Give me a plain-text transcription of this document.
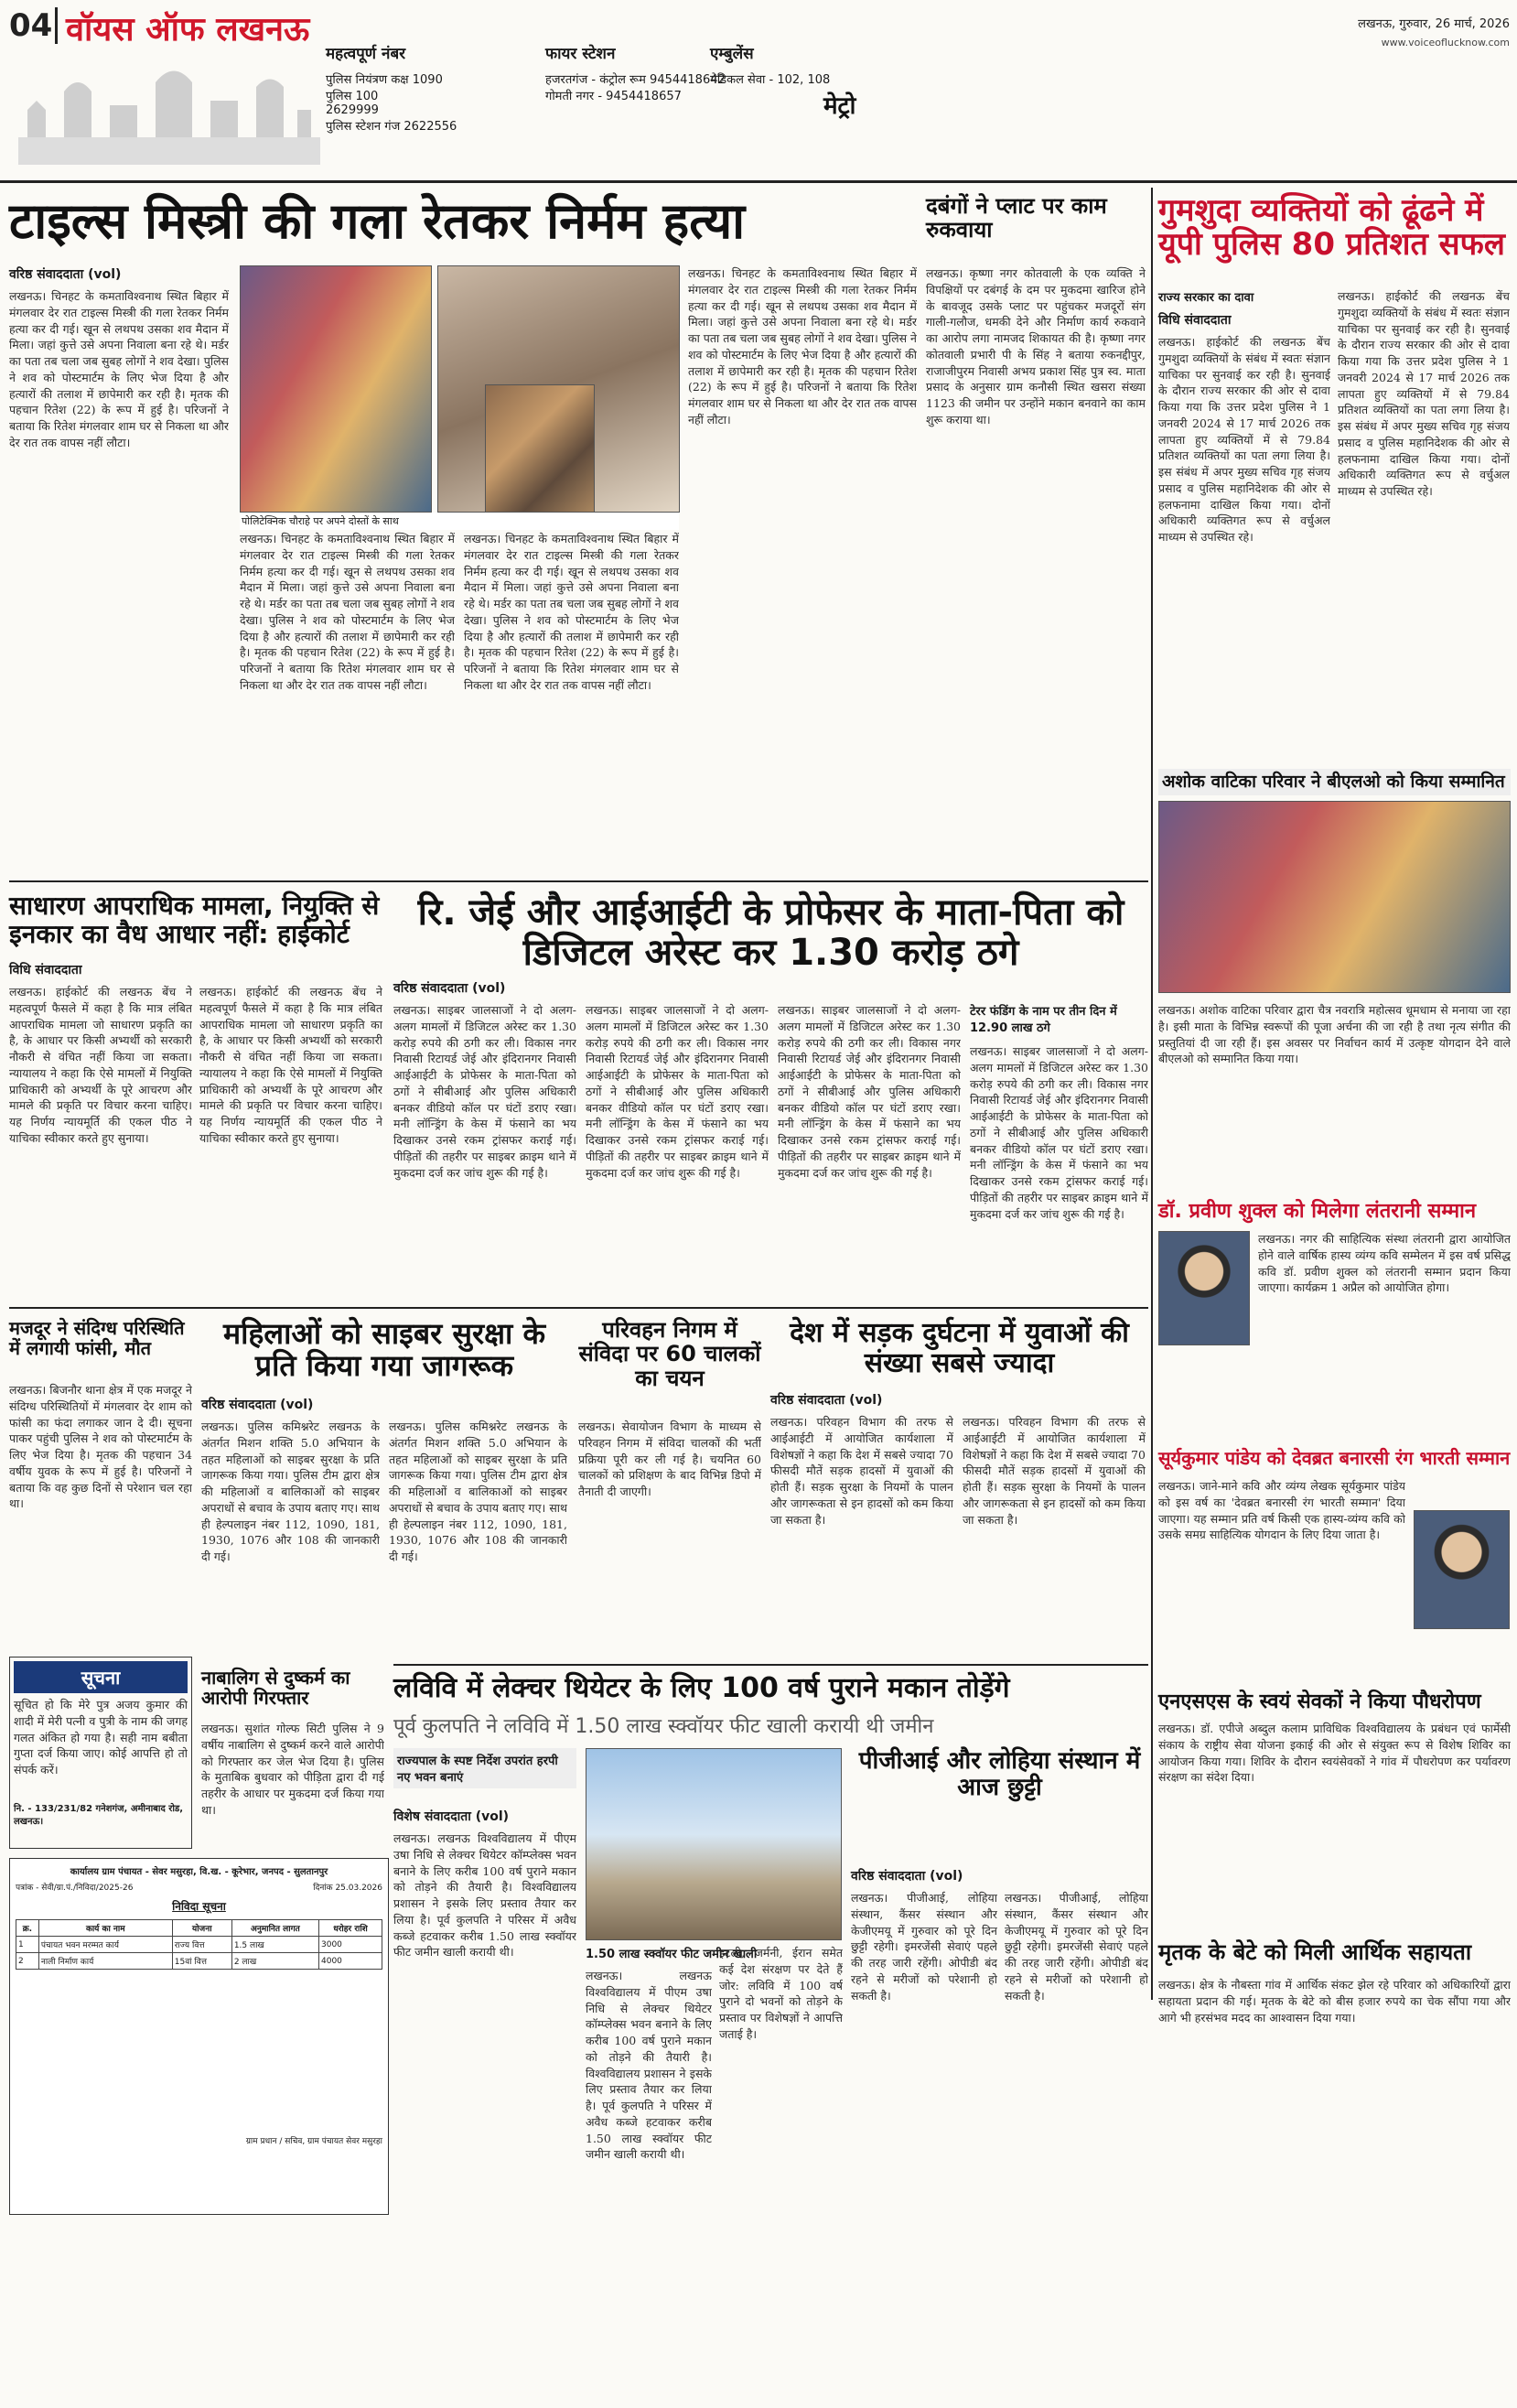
04 वॉयस ऑफ लखनऊ
महत्वपूर्ण नंबर
पुलिस नियंत्रण कक्ष 1090
पुलिस 100
2629999
पुलिस स्टेशन गंज 2622556
फायर स्टेशन
हजरतगंज - कंट्रोल रूम 9454418642
गोमती नगर - 9454418657
एम्बुलेंस
मेडिकल सेवा - 102, 108
मेट्रो
लखनऊ, गुरुवार, 26 मार्च, 2026
www.voiceoflucknow.com
टाइल्स मिस्त्री की गला रेतकर निर्मम हत्या
वरिष्ठ संवाददाता (vol)
लखनऊ। चिनहट के कमताविश्वनाथ स्थित बिहार में मंगलवार देर रात टाइल्स मिस्त्री की गला रेतकर निर्मम हत्या कर दी गई। खून से लथपथ उसका शव मैदान में मिला। जहां कुत्ते उसे अपना निवाला बना रहे थे। मर्डर का पता तब चला जब सुबह लोगों ने शव देखा। पुलिस ने शव को पोस्टमार्टम के लिए भेज दिया है और हत्यारों की तलाश में छापेमारी कर रही है। मृतक की पहचान रितेश (22) के रूप में हुई है। परिजनों ने बताया कि रितेश मंगलवार शाम घर से निकला था और देर रात तक वापस नहीं लौटा।
पोलिटेक्निक चौराहे पर अपने दोस्तों के साथ
लखनऊ। चिनहट के कमताविश्वनाथ स्थित बिहार में मंगलवार देर रात टाइल्स मिस्त्री की गला रेतकर निर्मम हत्या कर दी गई। खून से लथपथ उसका शव मैदान में मिला। जहां कुत्ते उसे अपना निवाला बना रहे थे। मर्डर का पता तब चला जब सुबह लोगों ने शव देखा। पुलिस ने शव को पोस्टमार्टम के लिए भेज दिया है और हत्यारों की तलाश में छापेमारी कर रही है। मृतक की पहचान रितेश (22) के रूप में हुई है। परिजनों ने बताया कि रितेश मंगलवार शाम घर से निकला था और देर रात तक वापस नहीं लौटा।
लखनऊ। चिनहट के कमताविश्वनाथ स्थित बिहार में मंगलवार देर रात टाइल्स मिस्त्री की गला रेतकर निर्मम हत्या कर दी गई। खून से लथपथ उसका शव मैदान में मिला। जहां कुत्ते उसे अपना निवाला बना रहे थे। मर्डर का पता तब चला जब सुबह लोगों ने शव देखा। पुलिस ने शव को पोस्टमार्टम के लिए भेज दिया है और हत्यारों की तलाश में छापेमारी कर रही है। मृतक की पहचान रितेश (22) के रूप में हुई है। परिजनों ने बताया कि रितेश मंगलवार शाम घर से निकला था और देर रात तक वापस नहीं लौटा।
लखनऊ। चिनहट के कमताविश्वनाथ स्थित बिहार में मंगलवार देर रात टाइल्स मिस्त्री की गला रेतकर निर्मम हत्या कर दी गई। खून से लथपथ उसका शव मैदान में मिला। जहां कुत्ते उसे अपना निवाला बना रहे थे। मर्डर का पता तब चला जब सुबह लोगों ने शव देखा। पुलिस ने शव को पोस्टमार्टम के लिए भेज दिया है और हत्यारों की तलाश में छापेमारी कर रही है। मृतक की पहचान रितेश (22) के रूप में हुई है। परिजनों ने बताया कि रितेश मंगलवार शाम घर से निकला था और देर रात तक वापस नहीं लौटा।
दबंगों ने प्लाट पर काम रुकवाया
लखनऊ। कृष्णा नगर कोतवाली के एक व्यक्ति ने विपक्षियों पर दबंगई के दम पर मुकदमा खारिज होने के बावजूद उसके प्लाट पर पहुंचकर मजदूरों संग गाली-गलौज, धमकी देने और निर्माण कार्य रुकवाने का आरोप लगा नामजद शिकायत की है। कृष्णा नगर कोतवाली प्रभारी पी के सिंह ने बताया रुकनद्दीपुर, राजाजीपुरम निवासी अभय प्रकाश सिंह पुत्र स्व. माता प्रसाद के अनुसार ग्राम कनौसी स्थित खसरा संख्या 1123 की जमीन पर उन्होंने मकान बनवाने का काम शुरू कराया था।
गुमशुदा व्यक्तियों को ढूंढने में यूपी पुलिस 80 प्रतिशत सफल
राज्य सरकार का दावा
विधि संवाददाता
लखनऊ। हाईकोर्ट की लखनऊ बेंच गुमशुदा व्यक्तियों के संबंध में स्वतः संज्ञान याचिका पर सुनवाई कर रही है। सुनवाई के दौरान राज्य सरकार की ओर से दावा किया गया कि उत्तर प्रदेश पुलिस ने 1 जनवरी 2024 से 17 मार्च 2026 तक लापता हुए व्यक्तियों में से 79.84 प्रतिशत व्यक्तियों का पता लगा लिया है। इस संबंध में अपर मुख्य सचिव गृह संजय प्रसाद व पुलिस महानिदेशक की ओर से हलफनामा दाखिल किया गया। दोनों अधिकारी व्यक्तिगत रूप से वर्चुअल माध्यम से उपस्थित रहे।
लखनऊ। हाईकोर्ट की लखनऊ बेंच गुमशुदा व्यक्तियों के संबंध में स्वतः संज्ञान याचिका पर सुनवाई कर रही है। सुनवाई के दौरान राज्य सरकार की ओर से दावा किया गया कि उत्तर प्रदेश पुलिस ने 1 जनवरी 2024 से 17 मार्च 2026 तक लापता हुए व्यक्तियों में से 79.84 प्रतिशत व्यक्तियों का पता लगा लिया है। इस संबंध में अपर मुख्य सचिव गृह संजय प्रसाद व पुलिस महानिदेशक की ओर से हलफनामा दाखिल किया गया। दोनों अधिकारी व्यक्तिगत रूप से वर्चुअल माध्यम से उपस्थित रहे।
साधारण आपराधिक मामला, नियुक्ति से इनकार का वैध आधार नहीं: हाईकोर्ट
विधि संवाददाता
लखनऊ। हाईकोर्ट की लखनऊ बेंच ने महत्वपूर्ण फैसले में कहा है कि मात्र लंबित आपराधिक मामला जो साधारण प्रकृति का है, के आधार पर किसी अभ्यर्थी को सरकारी नौकरी से वंचित नहीं किया जा सकता। न्यायालय ने कहा कि ऐसे मामलों में नियुक्ति प्राधिकारी को अभ्यर्थी के पूरे आचरण और मामले की प्रकृति पर विचार करना चाहिए। यह निर्णय न्यायमूर्ति की एकल पीठ ने याचिका स्वीकार करते हुए सुनाया।
लखनऊ। हाईकोर्ट की लखनऊ बेंच ने महत्वपूर्ण फैसले में कहा है कि मात्र लंबित आपराधिक मामला जो साधारण प्रकृति का है, के आधार पर किसी अभ्यर्थी को सरकारी नौकरी से वंचित नहीं किया जा सकता। न्यायालय ने कहा कि ऐसे मामलों में नियुक्ति प्राधिकारी को अभ्यर्थी के पूरे आचरण और मामले की प्रकृति पर विचार करना चाहिए। यह निर्णय न्यायमूर्ति की एकल पीठ ने याचिका स्वीकार करते हुए सुनाया।
रि. जेई और आईआईटी के प्रोफेसर के माता-पिता को डिजिटल अरेस्ट कर 1.30 करोड़ ठगे
वरिष्ठ संवाददाता (vol)
लखनऊ। साइबर जालसाजों ने दो अलग-अलग मामलों में डिजिटल अरेस्ट कर 1.30 करोड़ रुपये की ठगी कर ली। विकास नगर निवासी रिटायर्ड जेई और इंदिरानगर निवासी आईआईटी के प्रोफेसर के माता-पिता को ठगों ने सीबीआई और पुलिस अधिकारी बनकर वीडियो कॉल पर घंटों डराए रखा। मनी लॉन्ड्रिंग के केस में फंसाने का भय दिखाकर उनसे रकम ट्रांसफर कराई गई। पीड़ितों की तहरीर पर साइबर क्राइम थाने में मुकदमा दर्ज कर जांच शुरू की गई है।
लखनऊ। साइबर जालसाजों ने दो अलग-अलग मामलों में डिजिटल अरेस्ट कर 1.30 करोड़ रुपये की ठगी कर ली। विकास नगर निवासी रिटायर्ड जेई और इंदिरानगर निवासी आईआईटी के प्रोफेसर के माता-पिता को ठगों ने सीबीआई और पुलिस अधिकारी बनकर वीडियो कॉल पर घंटों डराए रखा। मनी लॉन्ड्रिंग के केस में फंसाने का भय दिखाकर उनसे रकम ट्रांसफर कराई गई। पीड़ितों की तहरीर पर साइबर क्राइम थाने में मुकदमा दर्ज कर जांच शुरू की गई है।
लखनऊ। साइबर जालसाजों ने दो अलग-अलग मामलों में डिजिटल अरेस्ट कर 1.30 करोड़ रुपये की ठगी कर ली। विकास नगर निवासी रिटायर्ड जेई और इंदिरानगर निवासी आईआईटी के प्रोफेसर के माता-पिता को ठगों ने सीबीआई और पुलिस अधिकारी बनकर वीडियो कॉल पर घंटों डराए रखा। मनी लॉन्ड्रिंग के केस में फंसाने का भय दिखाकर उनसे रकम ट्रांसफर कराई गई। पीड़ितों की तहरीर पर साइबर क्राइम थाने में मुकदमा दर्ज कर जांच शुरू की गई है।
टेरर फंडिंग के नाम पर तीन दिन में 12.90 लाख ठगे
लखनऊ। साइबर जालसाजों ने दो अलग-अलग मामलों में डिजिटल अरेस्ट कर 1.30 करोड़ रुपये की ठगी कर ली। विकास नगर निवासी रिटायर्ड जेई और इंदिरानगर निवासी आईआईटी के प्रोफेसर के माता-पिता को ठगों ने सीबीआई और पुलिस अधिकारी बनकर वीडियो कॉल पर घंटों डराए रखा। मनी लॉन्ड्रिंग के केस में फंसाने का भय दिखाकर उनसे रकम ट्रांसफर कराई गई। पीड़ितों की तहरीर पर साइबर क्राइम थाने में मुकदमा दर्ज कर जांच शुरू की गई है।
अशोक वाटिका परिवार ने बीएलओ को किया सम्मानित
लखनऊ। अशोक वाटिका परिवार द्वारा चैत्र नवरात्रि महोत्सव धूमधाम से मनाया जा रहा है। इसी माता के विभिन्न स्वरूपों की पूजा अर्चना की जा रही है तथा नृत्य संगीत की प्रस्तुतियां दी जा रही हैं। इस अवसर पर निर्वाचन कार्य में उत्कृष्ट योगदान देने वाले बीएलओ को सम्मानित किया गया।
डॉ. प्रवीण शुक्ल को मिलेगा लंतरानी सम्मान
लखनऊ। नगर की साहित्यिक संस्था लंतरानी द्वारा आयोजित होने वाले वार्षिक हास्य व्यंग्य कवि सम्मेलन में इस वर्ष प्रसिद्ध कवि डॉ. प्रवीण शुक्ल को लंतरानी सम्मान प्रदान किया जाएगा। कार्यक्रम 1 अप्रैल को आयोजित होगा।
सूर्यकुमार पांडेय को देवब्रत बनारसी रंग भारती सम्मान
लखनऊ। जाने-माने कवि और व्यंग्य लेखक सूर्यकुमार पांडेय को इस वर्ष का 'देवब्रत बनारसी रंग भारती सम्मान' दिया जाएगा। यह सम्मान प्रति वर्ष किसी एक हास्य-व्यंग्य कवि को उसके समग्र साहित्यिक योगदान के लिए दिया जाता है।
एनएसएस के स्वयं सेवकों ने किया पौधरोपण
लखनऊ। डॉ. एपीजे अब्दुल कलाम प्राविधिक विश्वविद्यालय के प्रबंधन एवं फार्मेसी संकाय के राष्ट्रीय सेवा योजना इकाई की ओर से संयुक्त रूप से विशेष शिविर का आयोजन किया गया। शिविर के दौरान स्वयंसेवकों ने गांव में पौधरोपण कर पर्यावरण संरक्षण का संदेश दिया।
मृतक के बेटे को मिली आर्थिक सहायता
लखनऊ। क्षेत्र के नौबस्ता गांव में आर्थिक संकट झेल रहे परिवार को अधिकारियों द्वारा सहायता प्रदान की गई। मृतक के बेटे को बीस हजार रुपये का चेक सौंपा गया और आगे भी हरसंभव मदद का आश्वासन दिया गया।
मजदूर ने संदिग्ध परिस्थिति में लगायी फांसी, मौत
लखनऊ। बिजनौर थाना क्षेत्र में एक मजदूर ने संदिग्ध परिस्थितियों में मंगलवार देर शाम को फांसी का फंदा लगाकर जान दे दी। सूचना पाकर पहुंची पुलिस ने शव को पोस्टमार्टम के लिए भेज दिया है। मृतक की पहचान 34 वर्षीय युवक के रूप में हुई है। परिजनों ने बताया कि वह कुछ दिनों से परेशान चल रहा था।
सूचना
सूचित हो कि मेरे पुत्र अजय कुमार की शादी में मेरी पत्नी व पुत्री के नाम की जगह गलत अंकित हो गया है। सही नाम बबीता गुप्ता दर्ज किया जाए। कोई आपत्ति हो तो संपर्क करें।
नि. - 133/231/82 गनेशगंज, अमीनाबाद रोड, लखनऊ।
कार्यालय ग्राम पंचायत - सेवर मसुरहा, वि.ख. - कूरेभार, जनपद - सुलतानपुर
पत्रांक - सेवी/ग्रा.पं./निविदा/2025-26	दिनांक 25.03.2026
निविदा सूचना
क्र.	कार्य का नाम	योजना	अनुमानित लागत	धरोहर राशि
1	पंचायत भवन मरम्मत कार्य	राज्य वित्त	1.5 लाख	3000
2	नाली निर्माण कार्य	15वां वित्त	2 लाख	4000
ग्राम प्रधान / सचिव, ग्राम पंचायत सेवर मसुरहा
महिलाओं को साइबर सुरक्षा के प्रति किया गया जागरूक
वरिष्ठ संवाददाता (vol)
लखनऊ। पुलिस कमिश्नरेट लखनऊ के अंतर्गत मिशन शक्ति 5.0 अभियान के तहत महिलाओं को साइबर सुरक्षा के प्रति जागरूक किया गया। पुलिस टीम द्वारा क्षेत्र की महिलाओं व बालिकाओं को साइबर अपराधों से बचाव के उपाय बताए गए। साथ ही हेल्पलाइन नंबर 112, 1090, 181, 1930, 1076 और 108 की जानकारी दी गई।
लखनऊ। पुलिस कमिश्नरेट लखनऊ के अंतर्गत मिशन शक्ति 5.0 अभियान के तहत महिलाओं को साइबर सुरक्षा के प्रति जागरूक किया गया। पुलिस टीम द्वारा क्षेत्र की महिलाओं व बालिकाओं को साइबर अपराधों से बचाव के उपाय बताए गए। साथ ही हेल्पलाइन नंबर 112, 1090, 181, 1930, 1076 और 108 की जानकारी दी गई।
नाबालिग से दुष्कर्म का आरोपी गिरफ्तार
लखनऊ। सुशांत गोल्फ सिटी पुलिस ने 9 वर्षीय नाबालिग से दुष्कर्म करने वाले आरोपी को गिरफ्तार कर जेल भेज दिया है। पुलिस के मुताबिक बुधवार को पीड़िता द्वारा दी गई तहरीर के आधार पर मुकदमा दर्ज किया गया था।
परिवहन निगम में संविदा पर 60 चालकों का चयन
लखनऊ। सेवायोजन विभाग के माध्यम से परिवहन निगम में संविदा चालकों की भर्ती प्रक्रिया पूरी कर ली गई है। चयनित 60 चालकों को प्रशिक्षण के बाद विभिन्न डिपो में तैनाती दी जाएगी।
देश में सड़क दुर्घटना में युवाओं की संख्या सबसे ज्यादा
वरिष्ठ संवाददाता (vol)
लखनऊ। परिवहन विभाग की तरफ से आईआईटी में आयोजित कार्यशाला में विशेषज्ञों ने कहा कि देश में सबसे ज्यादा 70 फीसदी मौतें सड़क हादसों में युवाओं की होती हैं। सड़क सुरक्षा के नियमों के पालन और जागरूकता से इन हादसों को कम किया जा सकता है।
लखनऊ। परिवहन विभाग की तरफ से आईआईटी में आयोजित कार्यशाला में विशेषज्ञों ने कहा कि देश में सबसे ज्यादा 70 फीसदी मौतें सड़क हादसों में युवाओं की होती हैं। सड़क सुरक्षा के नियमों के पालन और जागरूकता से इन हादसों को कम किया जा सकता है।
लविवि में लेक्चर थियेटर के लिए 100 वर्ष पुराने मकान तोड़ेंगे
पूर्व कुलपति ने लविवि में 1.50 लाख स्क्वॉयर फीट खाली करायी थी जमीन
राज्यपाल के स्पष्ट निर्देश उपरांत हरपी नए भवन बनाएं
विशेष संवाददाता (vol)
लखनऊ। लखनऊ विश्वविद्यालय में पीएम उषा निधि से लेक्चर थियेटर कॉम्प्लेक्स भवन बनाने के लिए करीब 100 वर्ष पुराने मकान को तोड़ने की तैयारी है। विश्वविद्यालय प्रशासन ने इसके लिए प्रस्ताव तैयार कर लिया है। पूर्व कुलपति ने परिसर में अवैध कब्जे हटवाकर करीब 1.50 लाख स्क्वॉयर फीट जमीन खाली करायी थी।	1.50 लाख स्क्वॉयर फीट जमीन खाली
लखनऊ। लखनऊ विश्वविद्यालय में पीएम उषा निधि से लेक्चर थियेटर कॉम्प्लेक्स भवन बनाने के लिए करीब 100 वर्ष पुराने मकान को तोड़ने की तैयारी है। विश्वविद्यालय प्रशासन ने इसके लिए प्रस्ताव तैयार कर लिया है। पूर्व कुलपति ने परिसर में अवैध कब्जे हटवाकर करीब 1.50 लाख स्क्वॉयर फीट जमीन खाली करायी थी।
इटली, जर्मनी, ईरान समेत कई देश संरक्षण पर देते हैं जोर: लविवि में 100 वर्ष पुराने दो भवनों को तोड़ने के प्रस्ताव पर विशेषज्ञों ने आपत्ति जताई है।
पीजीआई और लोहिया संस्थान में आज छुट्टी
वरिष्ठ संवाददाता (vol)
लखनऊ। पीजीआई, लोहिया संस्थान, कैंसर संस्थान और केजीएमयू में गुरुवार को पूरे दिन छुट्टी रहेगी। इमरजेंसी सेवाएं पहले की तरह जारी रहेंगी। ओपीडी बंद रहने से मरीजों को परेशानी हो सकती है।
लखनऊ। पीजीआई, लोहिया संस्थान, कैंसर संस्थान और केजीएमयू में गुरुवार को पूरे दिन छुट्टी रहेगी। इमरजेंसी सेवाएं पहले की तरह जारी रहेंगी। ओपीडी बंद रहने से मरीजों को परेशानी हो सकती है।
